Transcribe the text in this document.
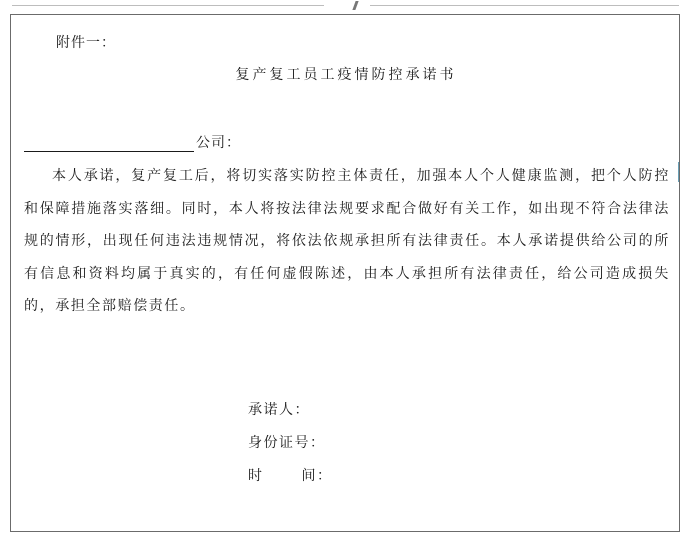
附件一：
复产复工员工疫情防控承诺书
公司：

本人承诺，复产复工后，将切实落实防控主体责任，加强本人个人健康监测，把个人防控和保障措施落实落细。同时，本人将按法律法规要求配合做好有关工作，如出现不符合法律法规的情形，出现任何违法违规情况，将依法依规承担所有法律责任。本人承诺提供给公司的所有信息和资料均属于真实的，有任何虚假陈述，由本人承担所有法律责任，给公司造成损失的，承担全部赔偿责任。

承诺人：
身份证号：
时	间：
